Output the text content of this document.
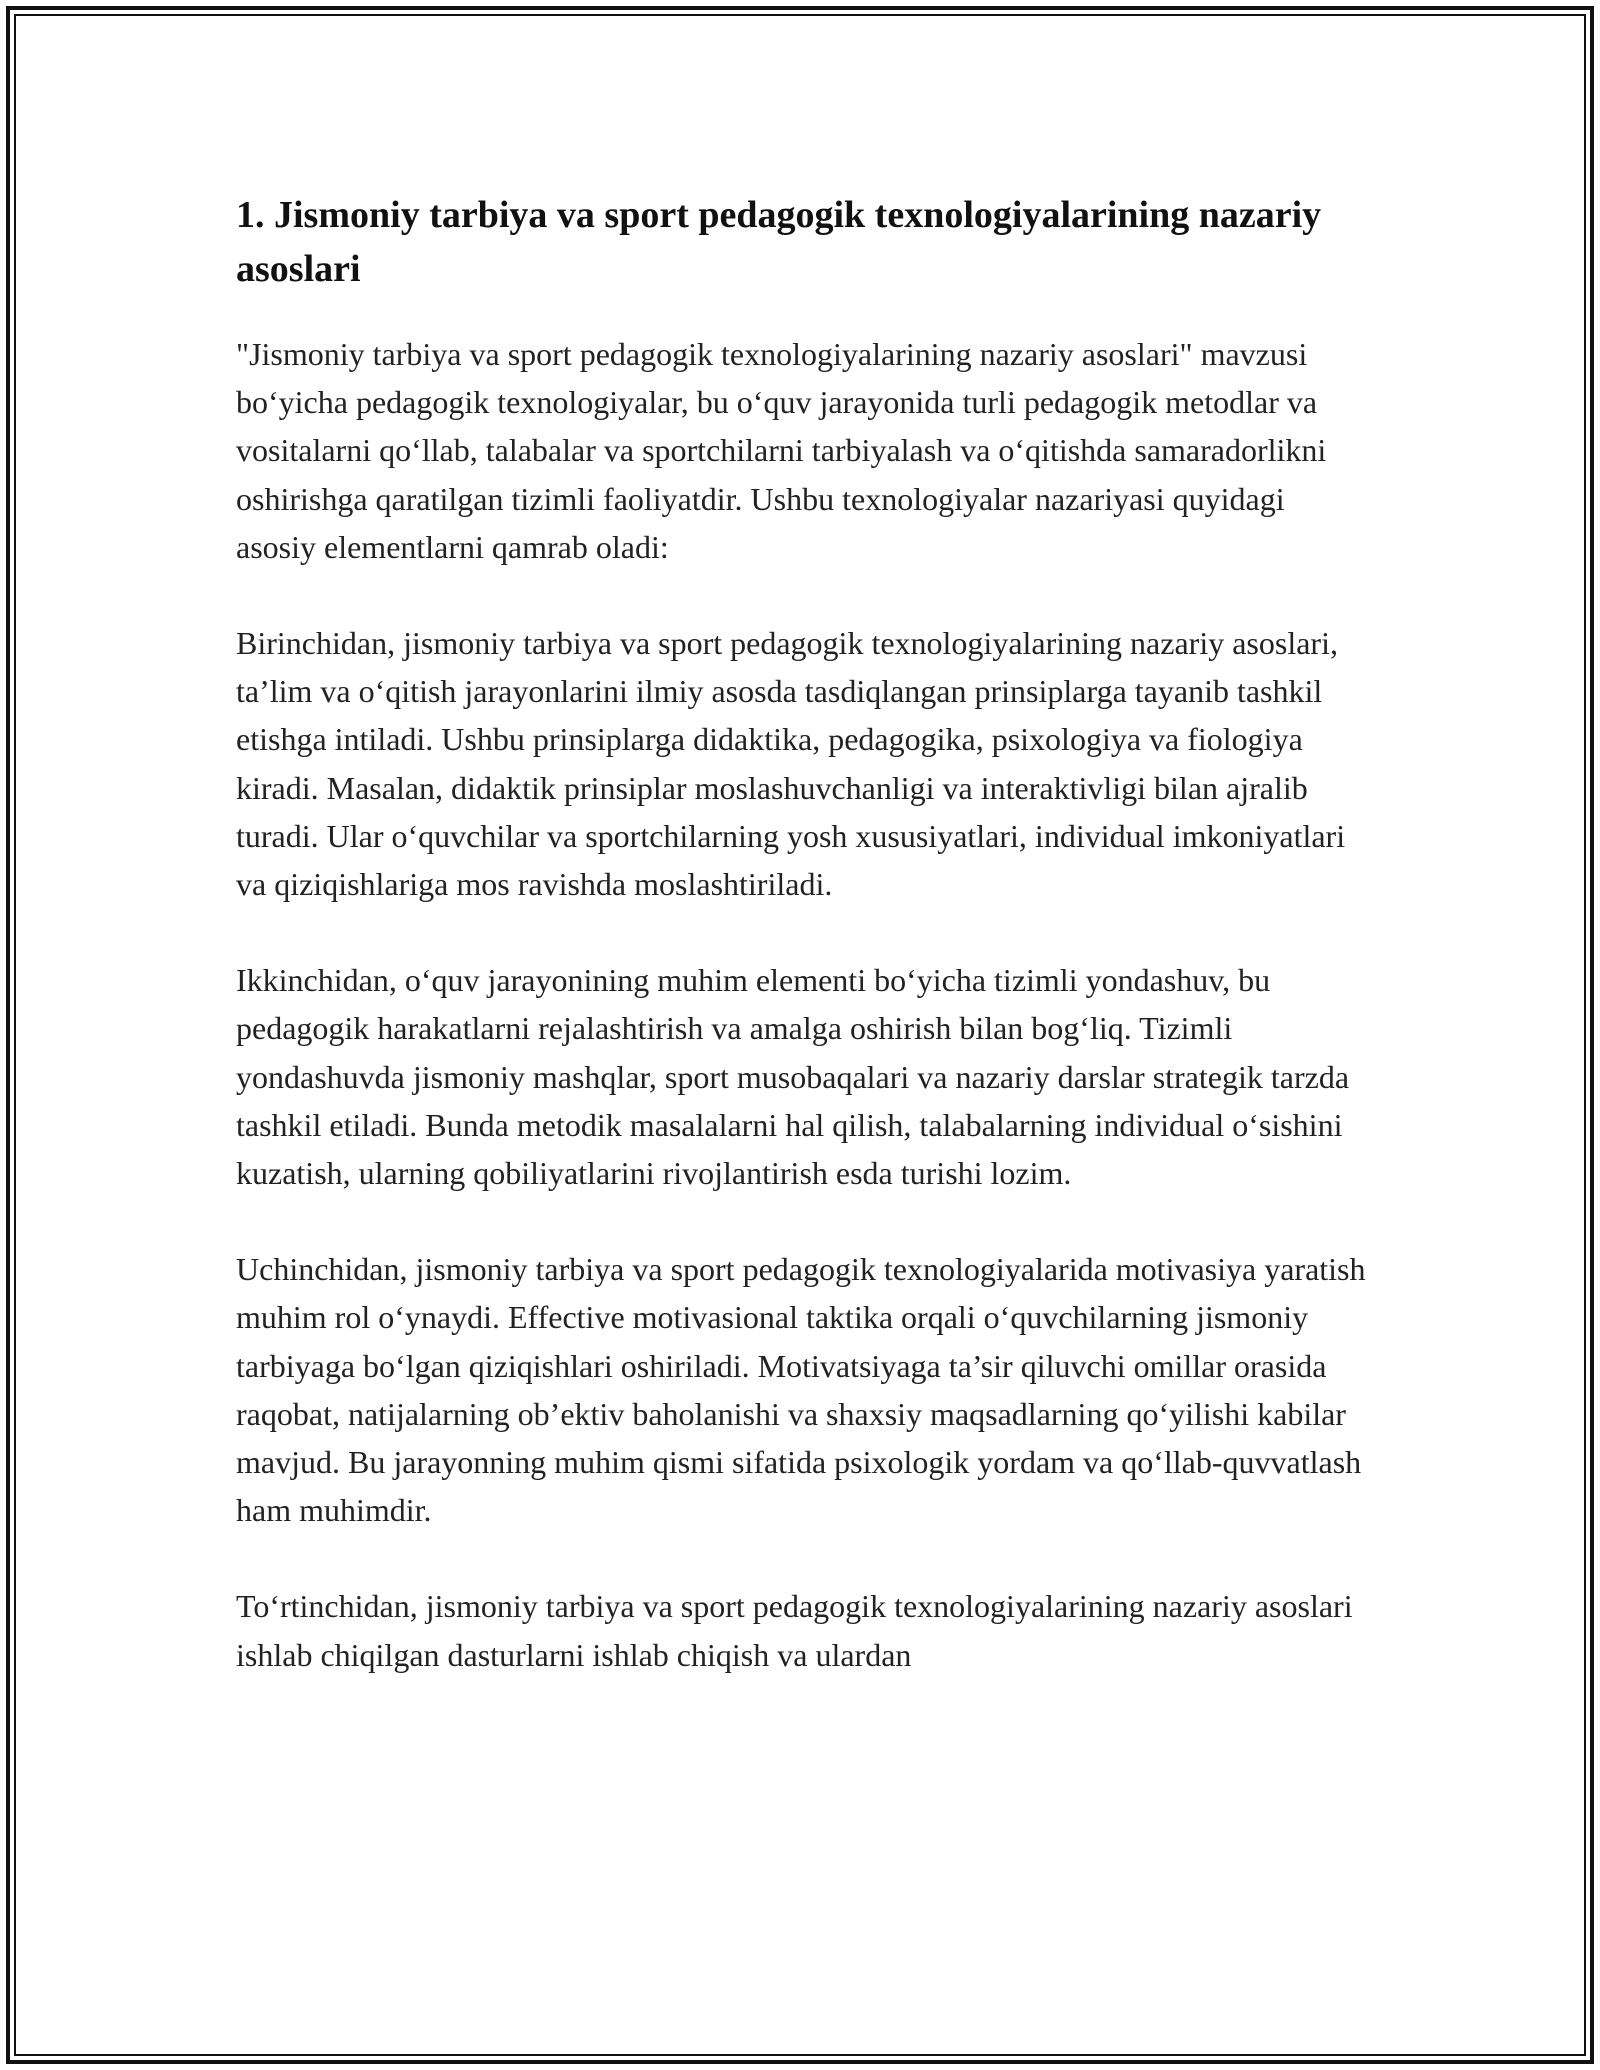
1. Jismoniy tarbiya va sport pedagogik texnologiyalarining nazariy asoslari

"Jismoniy tarbiya va sport pedagogik texnologiyalarining nazariy asoslari" mavzusi bo‘yicha pedagogik texnologiyalar, bu o‘quv jarayonida turli pedagogik metodlar va vositalarni qo‘llab, talabalar va sportchilarni tarbiyalash va o‘qitishda samaradorlikni oshirishga qaratilgan tizimli faoliyatdir. Ushbu texnologiyalar nazariyasi quyidagi asosiy elementlarni qamrab oladi:

Birinchidan, jismoniy tarbiya va sport pedagogik texnologiyalarining nazariy asoslari, ta’lim va o‘qitish jarayonlarini ilmiy asosda tasdiqlangan prinsiplarga tayanib tashkil etishga intiladi. Ushbu prinsiplarga didaktika, pedagogika, psixologiya va fiologiya kiradi. Masalan, didaktik prinsiplar moslashuvchanligi va interaktivligi bilan ajralib turadi. Ular o‘quvchilar va sportchilarning yosh xususiyatlari, individual imkoniyatlari va qiziqishlariga mos ravishda moslashtiriladi.

Ikkinchidan, o‘quv jarayonining muhim elementi bo‘yicha tizimli yondashuv, bu pedagogik harakatlarni rejalashtirish va amalga oshirish bilan bog‘liq. Tizimli yondashuvda jismoniy mashqlar, sport musobaqalari va nazariy darslar strategik tarzda tashkil etiladi. Bunda metodik masalalarni hal qilish, talabalarning individual o‘sishini kuzatish, ularning qobiliyatlarini rivojlantirish esda turishi lozim.

Uchinchidan, jismoniy tarbiya va sport pedagogik texnologiyalarida motivasiya yaratish muhim rol o‘ynaydi. Effective motivasional taktika orqali o‘quvchilarning jismoniy tarbiyaga bo‘lgan qiziqishlari oshiriladi. Motivatsiyaga ta’sir qiluvchi omillar orasida raqobat, natijalarning ob’ektiv baholanishi va shaxsiy maqsadlarning qo‘yilishi kabilar mavjud. Bu jarayonning muhim qismi sifatida psixologik yordam va qo‘llab-quvvatlash ham muhimdir.

To‘rtinchidan, jismoniy tarbiya va sport pedagogik texnologiyalarining nazariy asoslari ishlab chiqilgan dasturlarni ishlab chiqish va ulardan
